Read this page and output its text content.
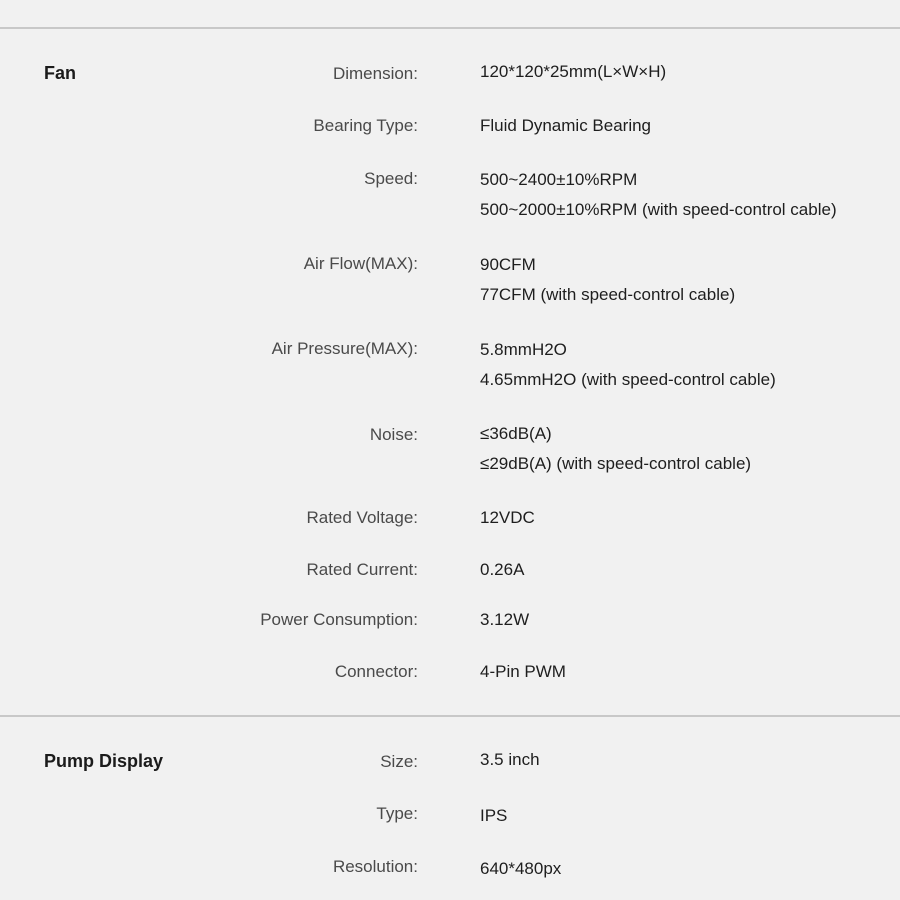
Fan	Dimension:	120*120*25mm(L×W×H)
Bearing Type:	Fluid Dynamic Bearing
Speed:	500~2400±10%RPM
500~2000±10%RPM (with speed-control cable)
Air Flow(MAX):	90CFM
77CFM (with speed-control cable)
Air Pressure(MAX):	5.8mmH2O
4.65mmH2O (with speed-control cable)
Noise:	≤36dB(A)
≤29dB(A) (with speed-control cable)
Rated Voltage:	12VDC
Rated Current:	0.26A
Power Consumption:	3.12W
Connector:	4-Pin PWM
Pump Display	Size:	3.5 inch
Type:	IPS
Resolution:	640*480px
